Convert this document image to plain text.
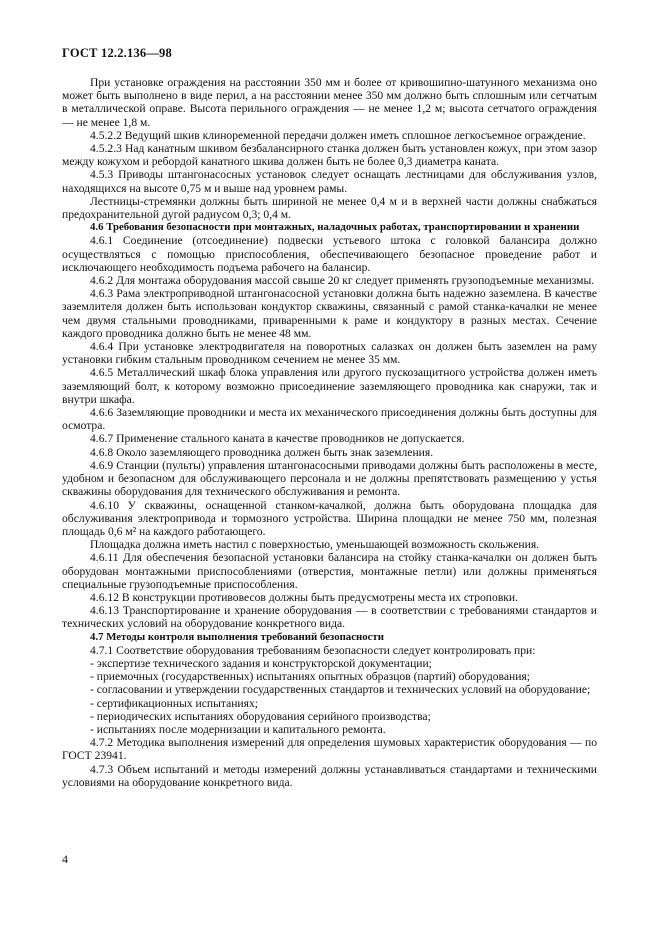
ГОСТ 12.2.136—98

При установке ограждения на расстоянии 350 мм и более от кривошипно-шатунного механизма оно может быть выполнено в виде перил, а на расстоянии менее 350 мм должно быть сплошным или сетчатым в металлической оправе. Высота перильного ограждения — не менее 1,2 м; высота сетчатого ограждения — не менее 1,8 м.

4.5.2.2 Ведущий шкив клиноременной передачи должен иметь сплошное легкосъемное ограждение.

4.5.2.3 Над канатным шкивом безбалансирного станка должен быть установлен кожух, при этом зазор между кожухом и ребордой канатного шкива должен быть не более 0,3 диаметра каната.

4.5.3 Приводы штангонасосных установок следует оснащать лестницами для обслуживания узлов, находящихся на высоте 0,75 м и выше над уровнем рамы.

Лестницы-стремянки должны быть шириной не менее 0,4 м и в верхней части должны снабжаться предохранительной дугой радиусом 0,3; 0,4 м.

4.6 Требования безопасности при монтажных, наладочных работах, транспортировании и хранении

4.6.1 Соединение (отсоединение) подвески устьевого штока с головкой балансира должно осуществляться с помощью приспособления, обеспечивающего безопасное проведение работ и исключающего необходимость подъема рабочего на балансир.

4.6.2 Для монтажа оборудования массой свыше 20 кг следует применять грузоподъемные механизмы.

4.6.3 Рама электроприводной штангонасосной установки должна быть надежно заземлена. В качестве заземлителя должен быть использован кондуктор скважины, связанный с рамой станка-качалки не менее чем двумя стальными проводниками, приваренными к раме и кондуктору в разных местах. Сечение каждого проводника должно быть не менее 48 мм.

4.6.4 При установке электродвигателя на поворотных салазках он должен быть заземлен на раму установки гибким стальным проводником сечением не менее 35 мм.

4.6.5 Металлический шкаф блока управления или другого пускозащитного устройства должен иметь заземляющий болт, к которому возможно присоединение заземляющего проводника как снаружи, так и внутри шкафа.

4.6.6 Заземляющие проводники и места их механического присоединения должны быть доступны для осмотра.

4.6.7 Применение стального каната в качестве проводников не допускается.

4.6.8 Около заземляющего проводника должен быть знак заземления.

4.6.9 Станции (пульты) управления штангонасосными приводами должны быть расположены в месте, удобном и безопасном для обслуживающего персонала и не должны препятствовать размещению у устья скважины оборудования для технического обслуживания и ремонта.

4.6.10 У скважины, оснащенной станком-качалкой, должна быть оборудована площадка для обслуживания электропривода и тормозного устройства. Ширина площадки не менее 750 мм, полезная площадь 0,6 м² на каждого работающего.

Площадка должна иметь настил с поверхностью, уменьшающей возможность скольжения.

4.6.11 Для обеспечения безопасной установки балансира на стойку станка-качалки он должен быть оборудован монтажными приспособлениями (отверстия, монтажные петли) или должны применяться специальные грузоподъемные приспособления.

4.6.12 В конструкции противовесов должны быть предусмотрены места их строповки.

4.6.13 Транспортирование и хранение оборудования — в соответствии с требованиями стандартов и технических условий на оборудование конкретного вида.

4.7 Методы контроля выполнения требований безопасности

4.7.1 Соответствие оборудования требованиям безопасности следует контролировать при:

- экспертизе технического задания и конструкторской документации;

- приемочных (государственных) испытаниях опытных образцов (партий) оборудования;

- согласовании и утверждении государственных стандартов и технических условий на оборудование;

- сертификационных испытаниях;

- периодических испытаниях оборудования серийного производства;

- испытаниях после модернизации и капитального ремонта.

4.7.2 Методика выполнения измерений для определения шумовых характеристик оборудования — по ГОСТ 23941.

4.7.3 Объем испытаний и методы измерений должны устанавливаться стандартами и техническими условиями на оборудование конкретного вида.

4
